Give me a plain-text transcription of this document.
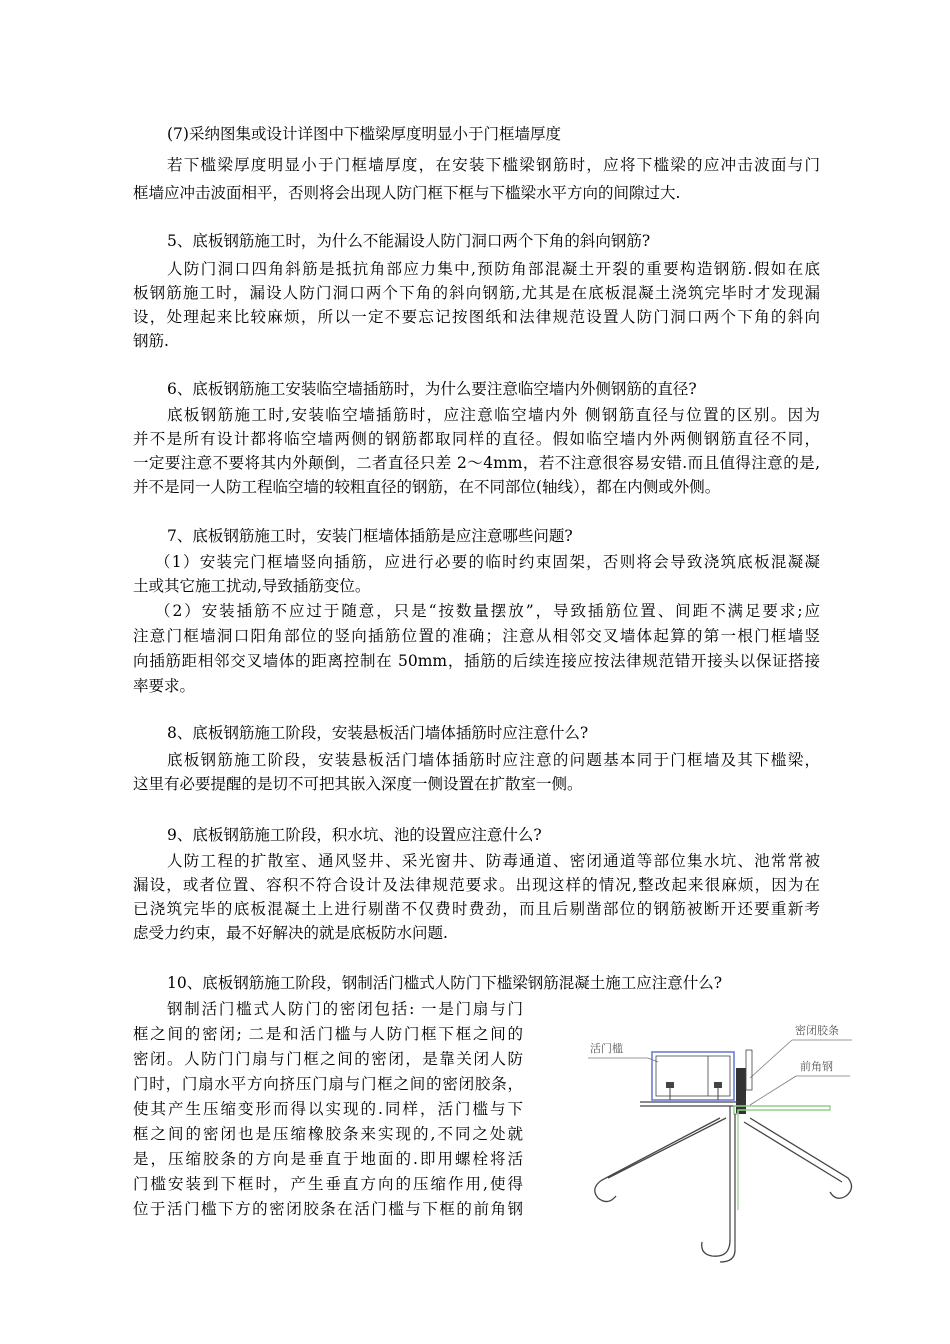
(7)采纳图集或设计详图中下槛梁厚度明显小于门框墙厚度
若下槛梁厚度明显小于门框墙厚度，在安装下槛梁钢筋时，应将下槛梁的应冲击波面与门
框墙应冲击波面相平，否则将会出现人防门框下框与下槛梁水平方向的间隙过大.
5、底板钢筋施工时，为什么不能漏设人防门洞口两个下角的斜向钢筋?
人防门洞口四角斜筋是抵抗角部应力集中,预防角部混凝土开裂的重要构造钢筋.假如在底
板钢筋施工时，漏设人防门洞口两个下角的斜向钢筋,尤其是在底板混凝土浇筑完毕时才发现漏
设，处理起来比较麻烦，所以一定不要忘记按图纸和法律规范设置人防门洞口两个下角的斜向
钢筋.
6、底板钢筋施工安装临空墙插筋时，为什么要注意临空墙内外侧钢筋的直径?
底板钢筋施工时,安装临空墙插筋时，应注意临空墙内外 侧钢筋直径与位置的区别。因为
并不是所有设计都将临空墙两侧的钢筋都取同样的直径。假如临空墙内外两侧钢筋直径不同，
一定要注意不要将其内外颠倒，二者直径只差 2～4mm，若不注意很容易安错.而且值得注意的是,
并不是同一人防工程临空墙的较粗直径的钢筋，在不同部位(轴线），都在内侧或外侧。
7、底板钢筋施工时，安装门框墙体插筋是应注意哪些问题?
（1）安装完门框墙竖向插筋，应进行必要的临时约束固架，否则将会导致浇筑底板混凝凝
土或其它施工扰动,导致插筋变位。
（2）安装插筋不应过于随意，只是“按数量摆放”，导致插筋位置、间距不满足要求;应
注意门框墙洞口阳角部位的竖向插筋位置的准确；注意从相邻交叉墙体起算的第一根门框墙竖
向插筋距相邻交叉墙体的距离控制在 50mm，插筋的后续连接应按法律规范错开接头以保证搭接
率要求。
8、底板钢筋施工阶段，安装悬板活门墙体插筋时应注意什么?
底板钢筋施工阶段，安装悬板活门墙体插筋时应注意的问题基本同于门框墙及其下槛梁，
这里有必要提醒的是切不可把其嵌入深度一侧设置在扩散室一侧。
9、底板钢筋施工阶段，积水坑、池的设置应注意什么?
人防工程的扩散室、通风竖井、采光窗井、防毒通道、密闭通道等部位集水坑、池常常被
漏设，或者位置、容积不符合设计及法律规范要求。出现这样的情况,整改起来很麻烦，因为在
已浇筑完毕的底板混凝土上进行剔凿不仅费时费劲，而且后剔凿部位的钢筋被断开还要重新考
虑受力约束，最不好解决的就是底板防水问题.
10、底板钢筋施工阶段，钢制活门槛式人防门下槛梁钢筋混凝土施工应注意什么?
钢制活门槛式人防门的密闭包括: 一是门扇与门
框之间的密闭; 二是和活门槛与人防门框下框之间的
密闭。人防门门扇与门框之间的密闭，是靠关闭人防
门时，门扇水平方向挤压门扇与门框之间的密闭胶条，
使其产生压缩变形而得以实现的.同样，活门槛与下
框之间的密闭也是压缩橡胶条来实现的,不同之处就
是，压缩胶条的方向是垂直于地面的.即用螺栓将活
门槛安装到下框时，产生垂直方向的压缩作用,使得
位于活门槛下方的密闭胶条在活门槛与下框的前角钢
活门槛
密闭胶条
前角钢
